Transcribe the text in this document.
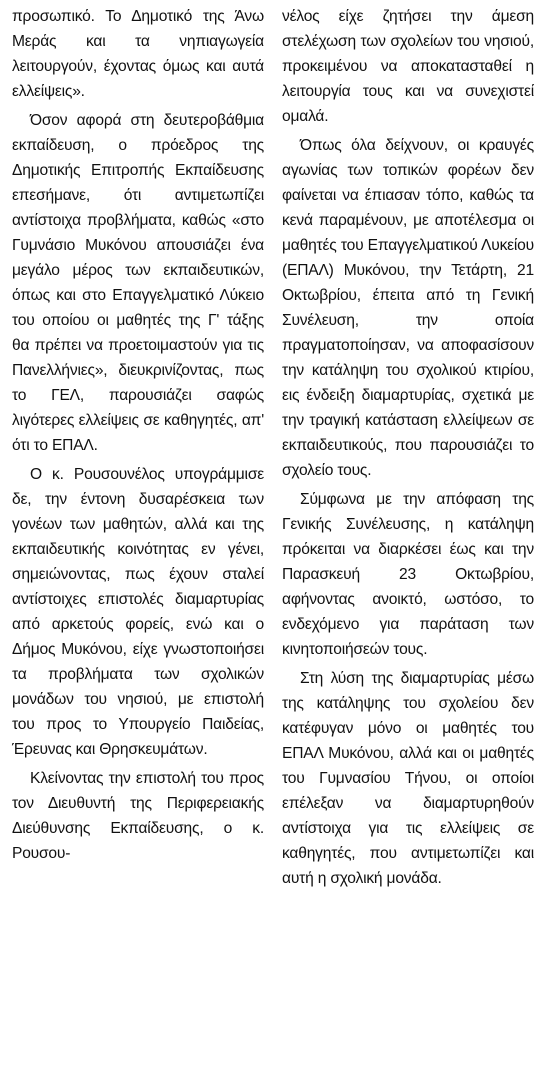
προσωπικό. Το Δημοτικό της Άνω Μεράς και τα νηπιαγωγεία λειτουργούν, έχοντας όμως και αυτά ελλείψεις».

Όσον αφορά στη δευτεροβάθμια εκπαίδευση, ο πρόεδρος της Δημοτικής Επιτροπής Εκπαίδευσης επεσήμανε, ότι αντιμετωπίζει αντίστοιχα προβλήματα, καθώς «στο Γυμνάσιο Μυκόνου απουσιάζει ένα μεγάλο μέρος των εκπαιδευτικών, όπως και στο Επαγγελματικό Λύκειο του οποίου οι μαθητές της Γ' τάξης θα πρέπει να προετοιμαστούν για τις Πανελλήνιες», διευκρινίζοντας, πως το ΓΕΛ, παρουσιάζει σαφώς λιγότερες ελλείψεις σε καθηγητές, απ' ότι το ΕΠΑΛ.

Ο κ. Ρουσουνέλος υπογράμμισε δε, την έντονη δυσαρέσκεια των γονέων των μαθητών, αλλά και της εκπαιδευτικής κοινότητας εν γένει, σημειώνοντας, πως έχουν σταλεί αντίστοιχες επιστολές διαμαρτυρίας από αρκετούς φορείς, ενώ και ο Δήμος Μυκόνου, είχε γνωστοποιήσει τα προβλήματα των σχολικών μονάδων του νησιού, με επιστολή του προς το Υπουργείο Παιδείας, Έρευνας και Θρησκευμάτων.

Κλείνοντας την επιστολή του προς τον Διευθυντή της Περιφερειακής Διεύθυνσης Εκπαίδευσης, ο κ. Ρουσου-

νέλος είχε ζητήσει την άμεση στελέχωση των σχολείων του νησιού, προκειμένου να αποκατασταθεί η λειτουργία τους και να συνεχιστεί ομαλά.

Όπως όλα δείχνουν, οι κραυγές αγωνίας των τοπικών φορέων δεν φαίνεται να έπιασαν τόπο, καθώς τα κενά παραμένουν, με αποτέλεσμα οι μαθητές του Επαγγελματικού Λυκείου (ΕΠΑΛ) Μυκόνου, την Τετάρτη, 21 Οκτωβρίου, έπειτα από τη Γενική Συνέλευση, την οποία πραγματοποίησαν, να αποφασίσουν την κατάληψη του σχολικού κτιρίου, εις ένδειξη διαμαρτυρίας, σχετικά με την τραγική κατάσταση ελλείψεων σε εκπαιδευτικούς, που παρουσιάζει το σχολείο τους.

Σύμφωνα με την απόφαση της Γενικής Συνέλευσης, η κατάληψη πρόκειται να διαρκέσει έως και την Παρασκευή 23 Οκτωβρίου, αφήνοντας ανοικτό, ωστόσο, το ενδεχόμενο για παράταση των κινητοποιήσεών τους.

Στη λύση της διαμαρτυρίας μέσω της κατάληψης του σχολείου δεν κατέφυγαν μόνο οι μαθητές του ΕΠΑΛ Μυκόνου, αλλά και οι μαθητές του Γυμνασίου Τήνου, οι οποίοι επέλεξαν να διαμαρτυρηθούν αντίστοιχα για τις ελλείψεις σε καθηγητές, που αντιμετωπίζει και αυτή η σχολική μονάδα.
